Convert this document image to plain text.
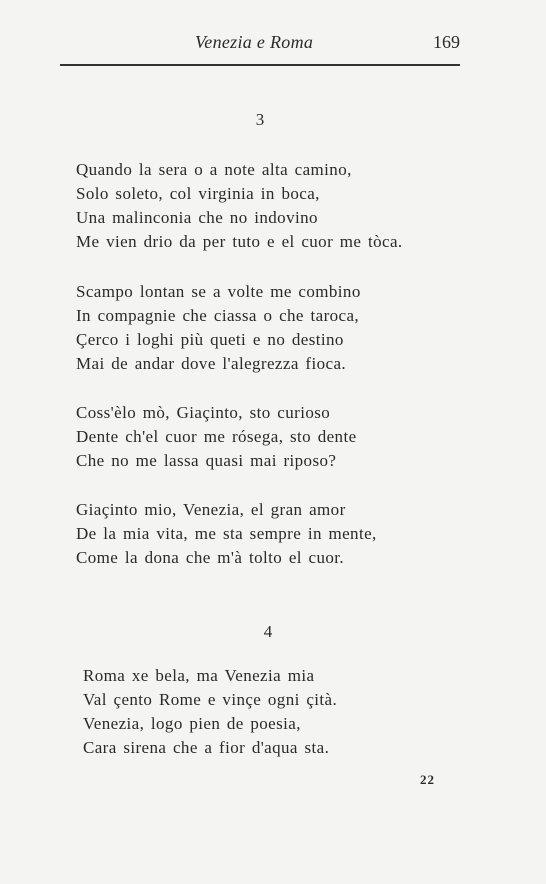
Venezia e Roma	169
3
Quando la sera o a note alta camino,
Solo soleto, col virginia in boca,
Una malinconia che no indovino
Me vien drio da per tuto e el cuor me tòca.
Scampo lontan se a volte me combino
In compagnie che ciassa o che taroca,
Çerco i loghi più queti e no destino
Mai de andar dove l'alegrezza fioca.
Coss'èlo mò, Giaçinto, sto curioso
Dente ch'el cuor me rósega, sto dente
Che no me lassa quasi mai riposo?
Giaçinto mio, Venezia, el gran amor
De la mia vita, me sta sempre in mente,
Come la dona che m'à tolto el cuor.
4
Roma xe bela, ma Venezia mia
Val çento Rome e vinçe ogni çità.
Venezia, logo pien de poesia,
Cara sirena che a fior d'aqua sta.
22
